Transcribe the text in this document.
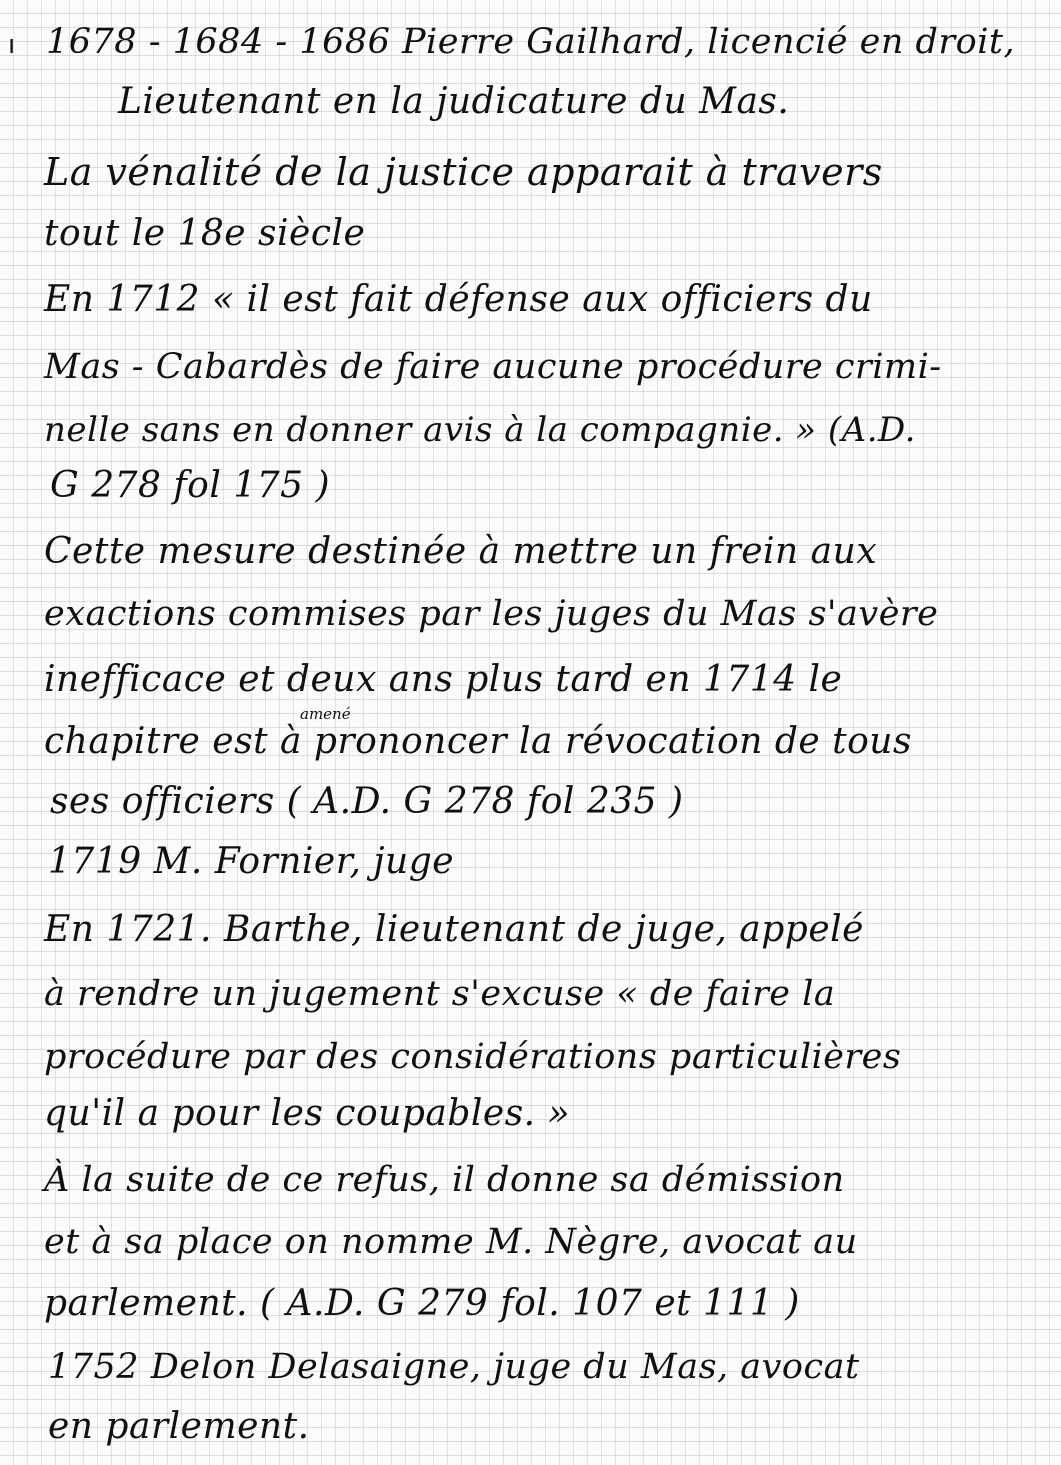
ı 1678 - 1684 - 1686 Pierre Gailhard, licencié en droit,
Lieutenant en la judicature du Mas.
La vénalité de la justice apparait à travers
tout le 18e siècle
En 1712 « il est fait défense aux officiers du
Mas - Cabardès de faire aucune procédure crimi-
nelle sans en donner avis à la compagnie. » (A.D.
G 278 fol 175 )
Cette mesure destinée à mettre un frein aux
exactions commises par les juges du Mas s'avère
inefficace et deux ans plus tard en 1714 le
chapitre est à prononcer la révocation de tous
ses officiers ( A.D. G 278 fol 235 )
1719 M. Fornier, juge
En 1721. Barthe, lieutenant de juge, appelé
à rendre un jugement s'excuse « de faire la
procédure par des considérations particulières
qu'il a pour les coupables. »
À la suite de ce refus, il donne sa démission
et à sa place on nomme M. Nègre, avocat au
parlement. ( A.D. G 279 fol. 107 et 111 )
1752 Delon Delasaigne, juge du Mas, avocat
en parlement.
amené
